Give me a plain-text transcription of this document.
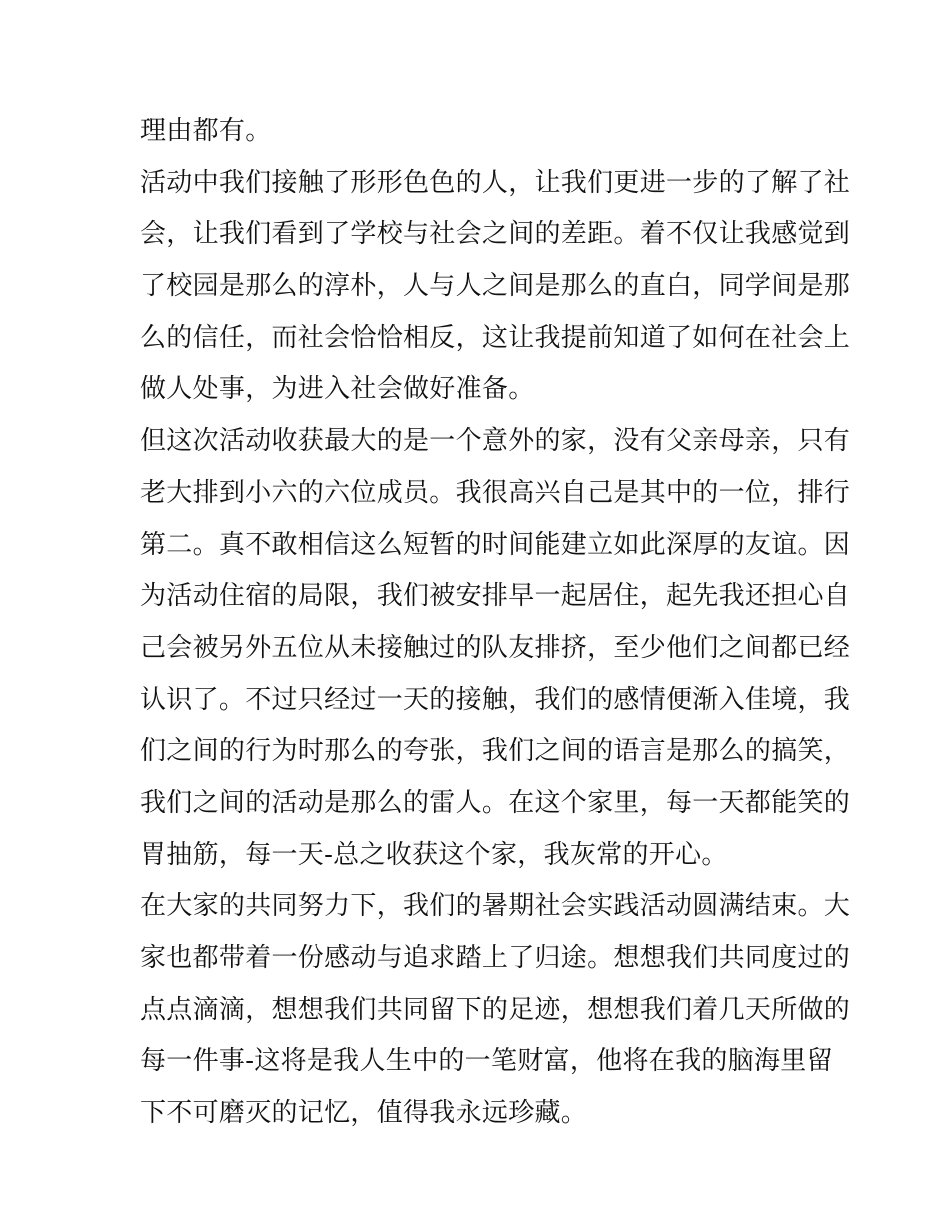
理由都有。
活动中我们接触了形形色色的人，让我们更进一步的了解了社
会，让我们看到了学校与社会之间的差距。着不仅让我感觉到
了校园是那么的淳朴，人与人之间是那么的直白，同学间是那
么的信任，而社会恰恰相反，这让我提前知道了如何在社会上
做人处事，为进入社会做好准备。
但这次活动收获最大的是一个意外的家，没有父亲母亲，只有
老大排到小六的六位成员。我很高兴自己是其中的一位，排行
第二。真不敢相信这么短暂的时间能建立如此深厚的友谊。因
为活动住宿的局限，我们被安排早一起居住，起先我还担心自
己会被另外五位从未接触过的队友排挤，至少他们之间都已经
认识了。不过只经过一天的接触，我们的感情便渐入佳境，我
们之间的行为时那么的夸张，我们之间的语言是那么的搞笑，
我们之间的活动是那么的雷人。在这个家里，每一天都能笑的
胃抽筋，每一天-总之收获这个家，我灰常的开心。
在大家的共同努力下，我们的暑期社会实践活动圆满结束。大
家也都带着一份感动与追求踏上了归途。想想我们共同度过的
点点滴滴，想想我们共同留下的足迹，想想我们着几天所做的
每一件事-这将是我人生中的一笔财富，他将在我的脑海里留
下不可磨灭的记忆，值得我永远珍藏。
